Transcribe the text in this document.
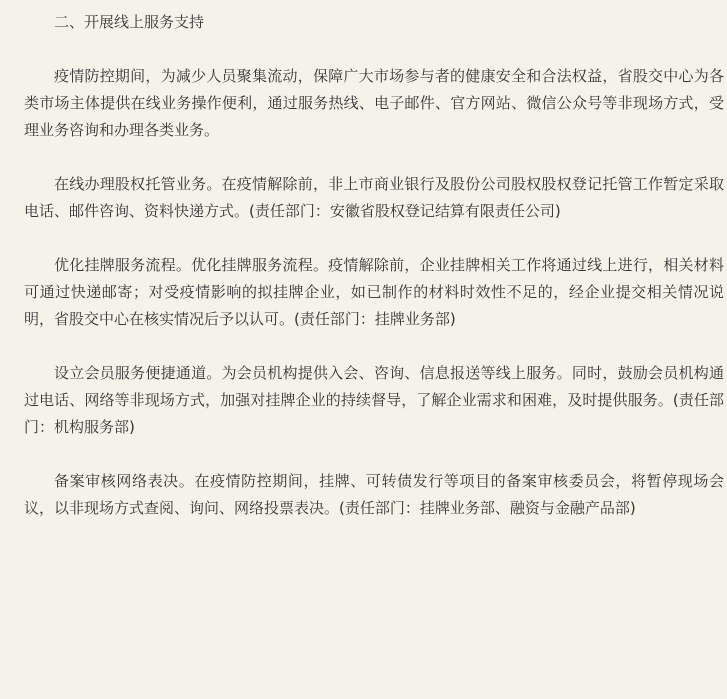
二、开展线上服务支持

疫情防控期间，为减少人员聚集流动，保障广大市场参与者的健康安全和合法权益，省股交中心为各类市场主体提供在线业务操作便利，通过服务热线、电子邮件、官方网站、微信公众号等非现场方式，受理业务咨询和办理各类业务。

在线办理股权托管业务。在疫情解除前，非上市商业银行及股份公司股权股权登记托管工作暂定采取电话、邮件咨询、资料快递方式。(责任部门：安徽省股权登记结算有限责任公司)

优化挂牌服务流程。优化挂牌服务流程。疫情解除前，企业挂牌相关工作将通过线上进行，相关材料可通过快递邮寄；对受疫情影响的拟挂牌企业，如已制作的材料时效性不足的，经企业提交相关情况说明，省股交中心在核实情况后予以认可。(责任部门：挂牌业务部)

设立会员服务便捷通道。为会员机构提供入会、咨询、信息报送等线上服务。同时，鼓励会员机构通过电话、网络等非现场方式，加强对挂牌企业的持续督导，了解企业需求和困难，及时提供服务。(责任部门：机构服务部)

备案审核网络表决。在疫情防控期间，挂牌、可转债发行等项目的备案审核委员会，将暂停现场会议，以非现场方式查阅、询问、网络投票表决。(责任部门：挂牌业务部、融资与金融产品部)
